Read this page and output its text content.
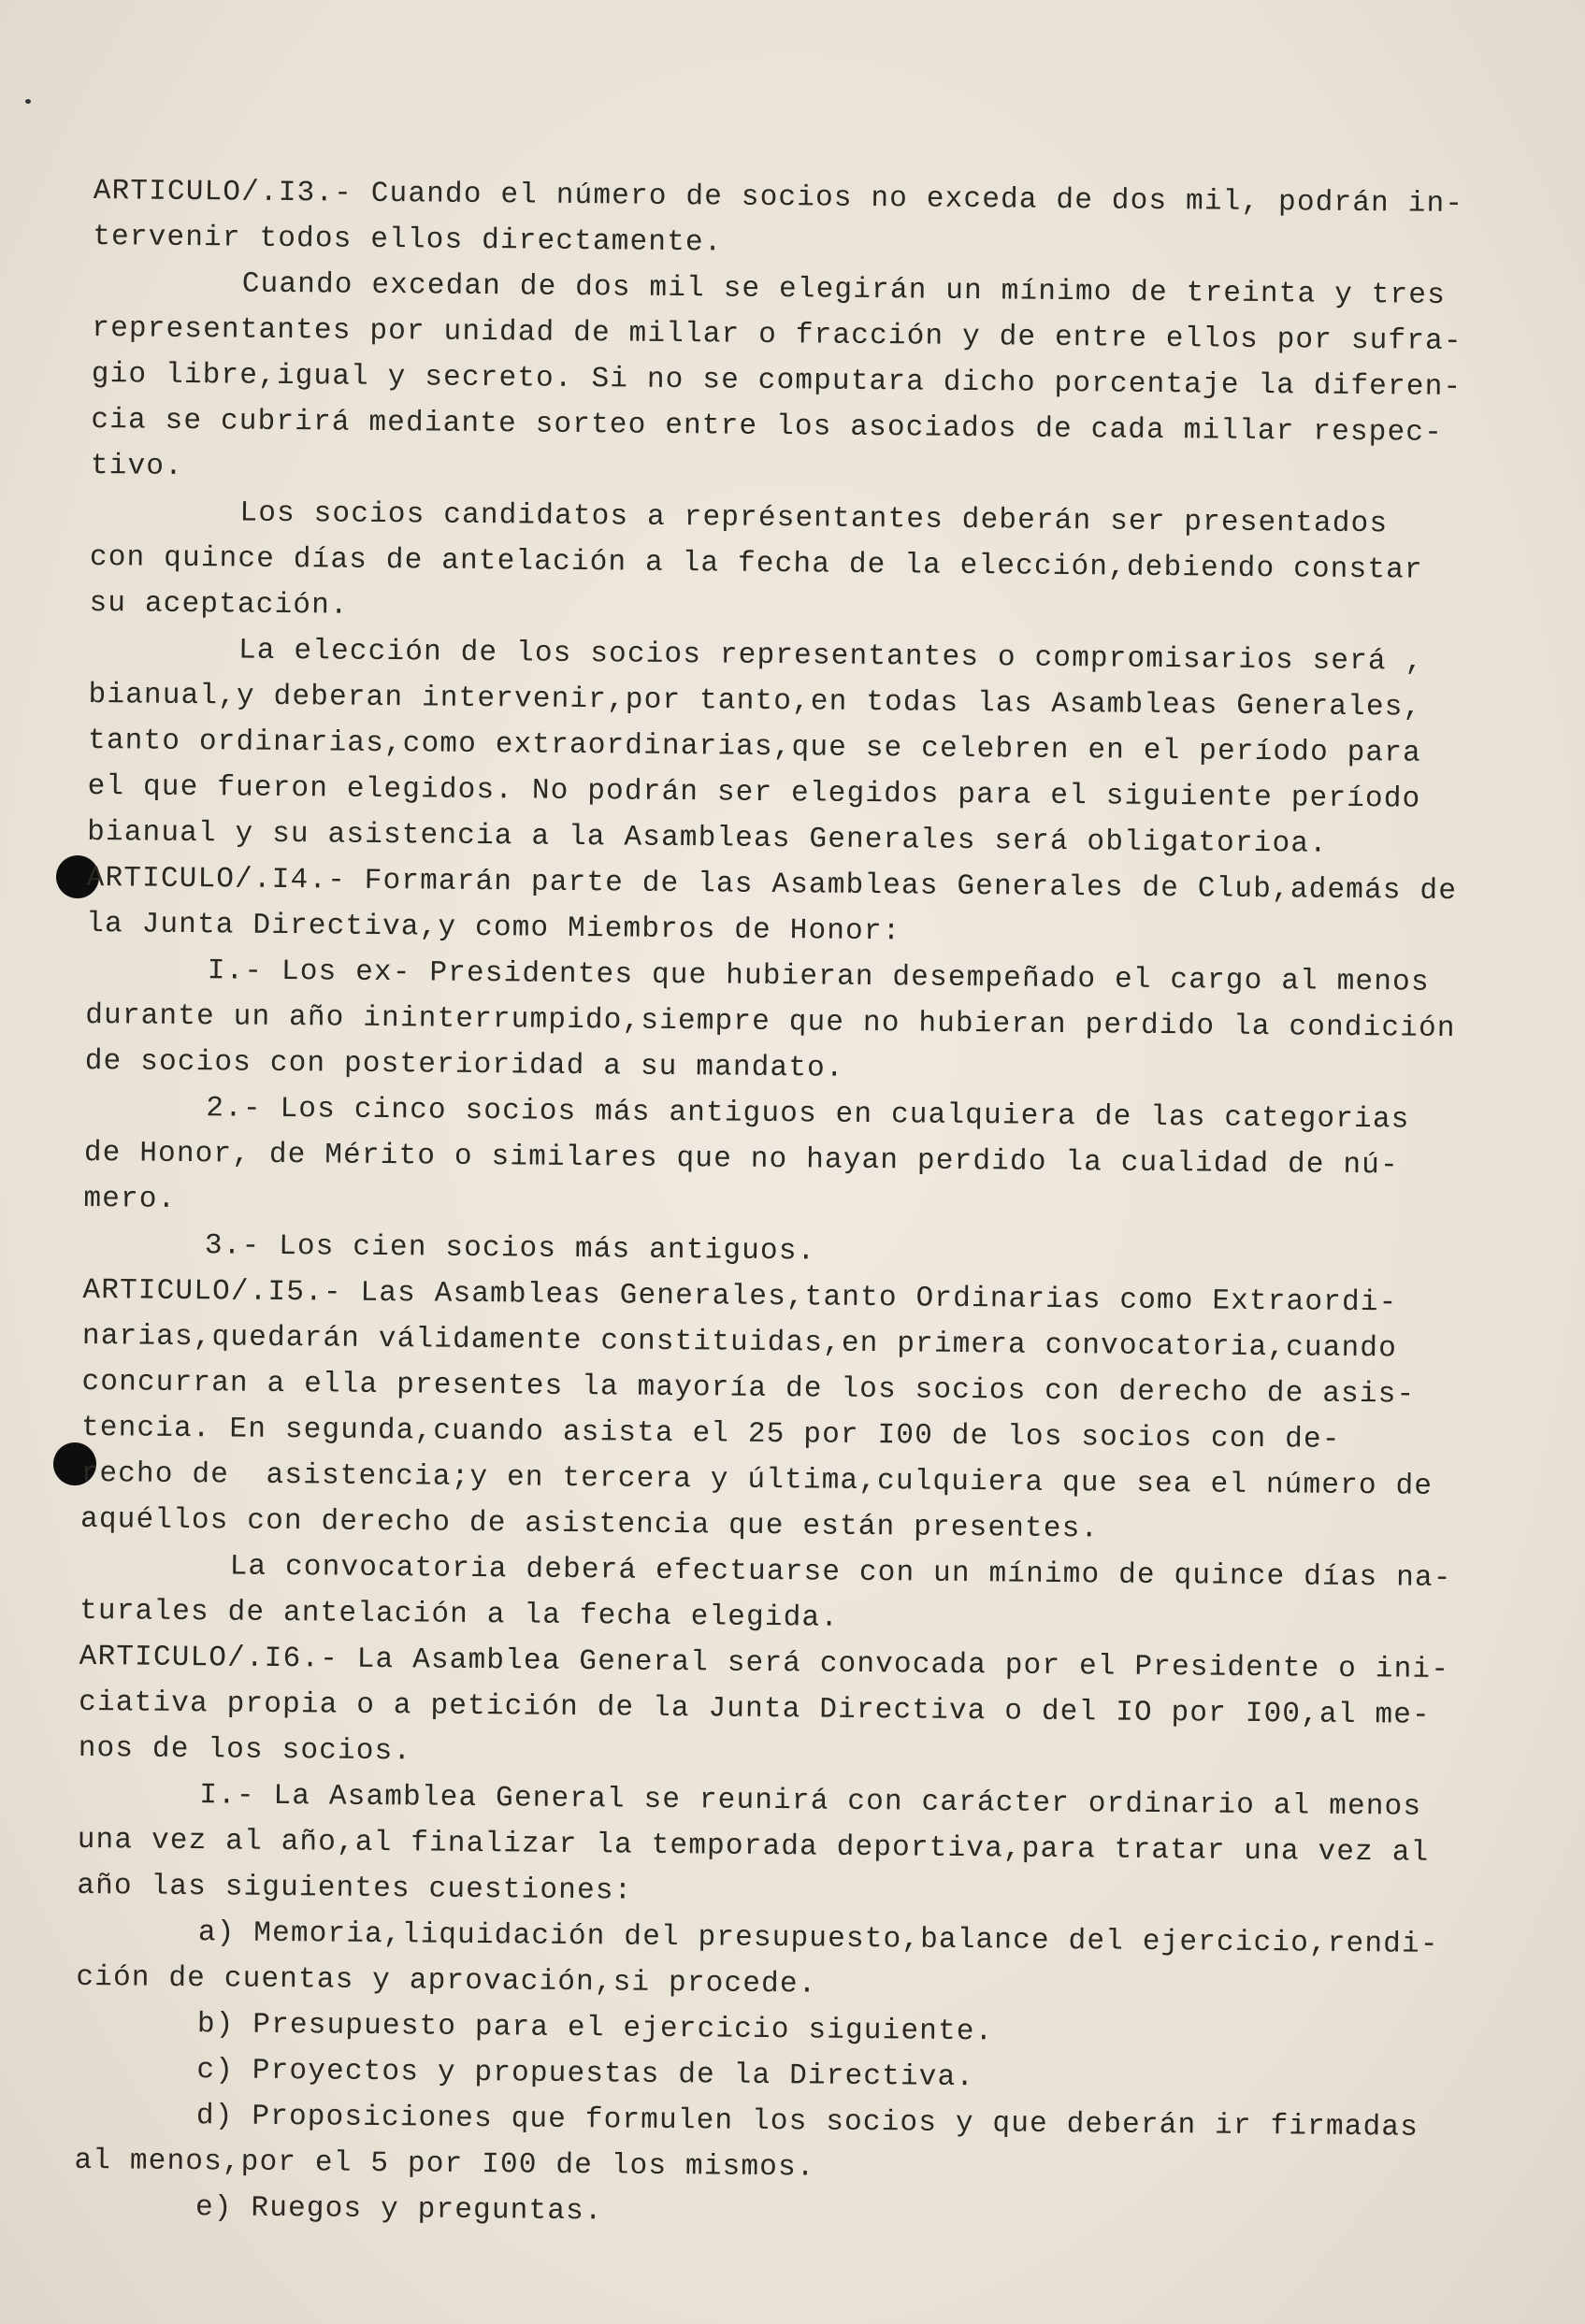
ARTICULO/.I3.- Cuando el número de socios no exceda de dos mil, podrán in-
tervenir todos ellos directamente.
Cuando excedan de dos mil se elegirán un mínimo de treinta y tres
representantes por unidad de millar o fracción y de entre ellos por sufra-
gio libre,igual y secreto. Si no se computara dicho porcentaje la diferen-
cia se cubrirá mediante sorteo entre los asociados de cada millar respec-
tivo.
Los socios candidatos a représentantes deberán ser presentados
con quince días de antelación a la fecha de la elección,debiendo constar
su aceptación.
La elección de los socios representantes o compromisarios será ,
bianual,y deberan intervenir,por tanto,en todas las Asambleas Generales,
tanto ordinarias,como extraordinarias,que se celebren en el período para
el que fueron elegidos. No podrán ser elegidos para el siguiente período
bianual y su asistencia a la Asambleas Generales será obligatorioa.
ARTICULO/.I4.- Formarán parte de las Asambleas Generales de Club,además de
la Junta Directiva,y como Miembros de Honor:
I.- Los ex- Presidentes que hubieran desempeñado el cargo al menos
durante un año ininterrumpido,siempre que no hubieran perdido la condición
de socios con posterioridad a su mandato.
2.- Los cinco socios más antiguos en cualquiera de las categorias
de Honor, de Mérito o similares que no hayan perdido la cualidad de nú-
mero.
3.- Los cien socios más antiguos.
ARTICULO/.I5.- Las Asambleas Generales,tanto Ordinarias como Extraordi-
narias,quedarán válidamente constituidas,en primera convocatoria,cuando
concurran a ella presentes la mayoría de los socios con derecho de asis-
tencia. En segunda,cuando asista el 25 por I00 de los socios con de-
recho de  asistencia;y en tercera y última,culquiera que sea el número de
aquéllos con derecho de asistencia que están presentes.
La convocatoria deberá efectuarse con un mínimo de quince días na-
turales de antelación a la fecha elegida.
ARTICULO/.I6.- La Asamblea General será convocada por el Presidente o ini-
ciativa propia o a petición de la Junta Directiva o del IO por I00,al me-
nos de los socios.
I.- La Asamblea General se reunirá con carácter ordinario al menos
una vez al año,al finalizar la temporada deportiva,para tratar una vez al
año las siguientes cuestiones:
a) Memoria,liquidación del presupuesto,balance del ejercicio,rendi-
ción de cuentas y aprovación,si procede.
b) Presupuesto para el ejercicio siguiente.
c) Proyectos y propuestas de la Directiva.
d) Proposiciones que formulen los socios y que deberán ir firmadas
al menos,por el 5 por I00 de los mismos.
e) Ruegos y preguntas.
